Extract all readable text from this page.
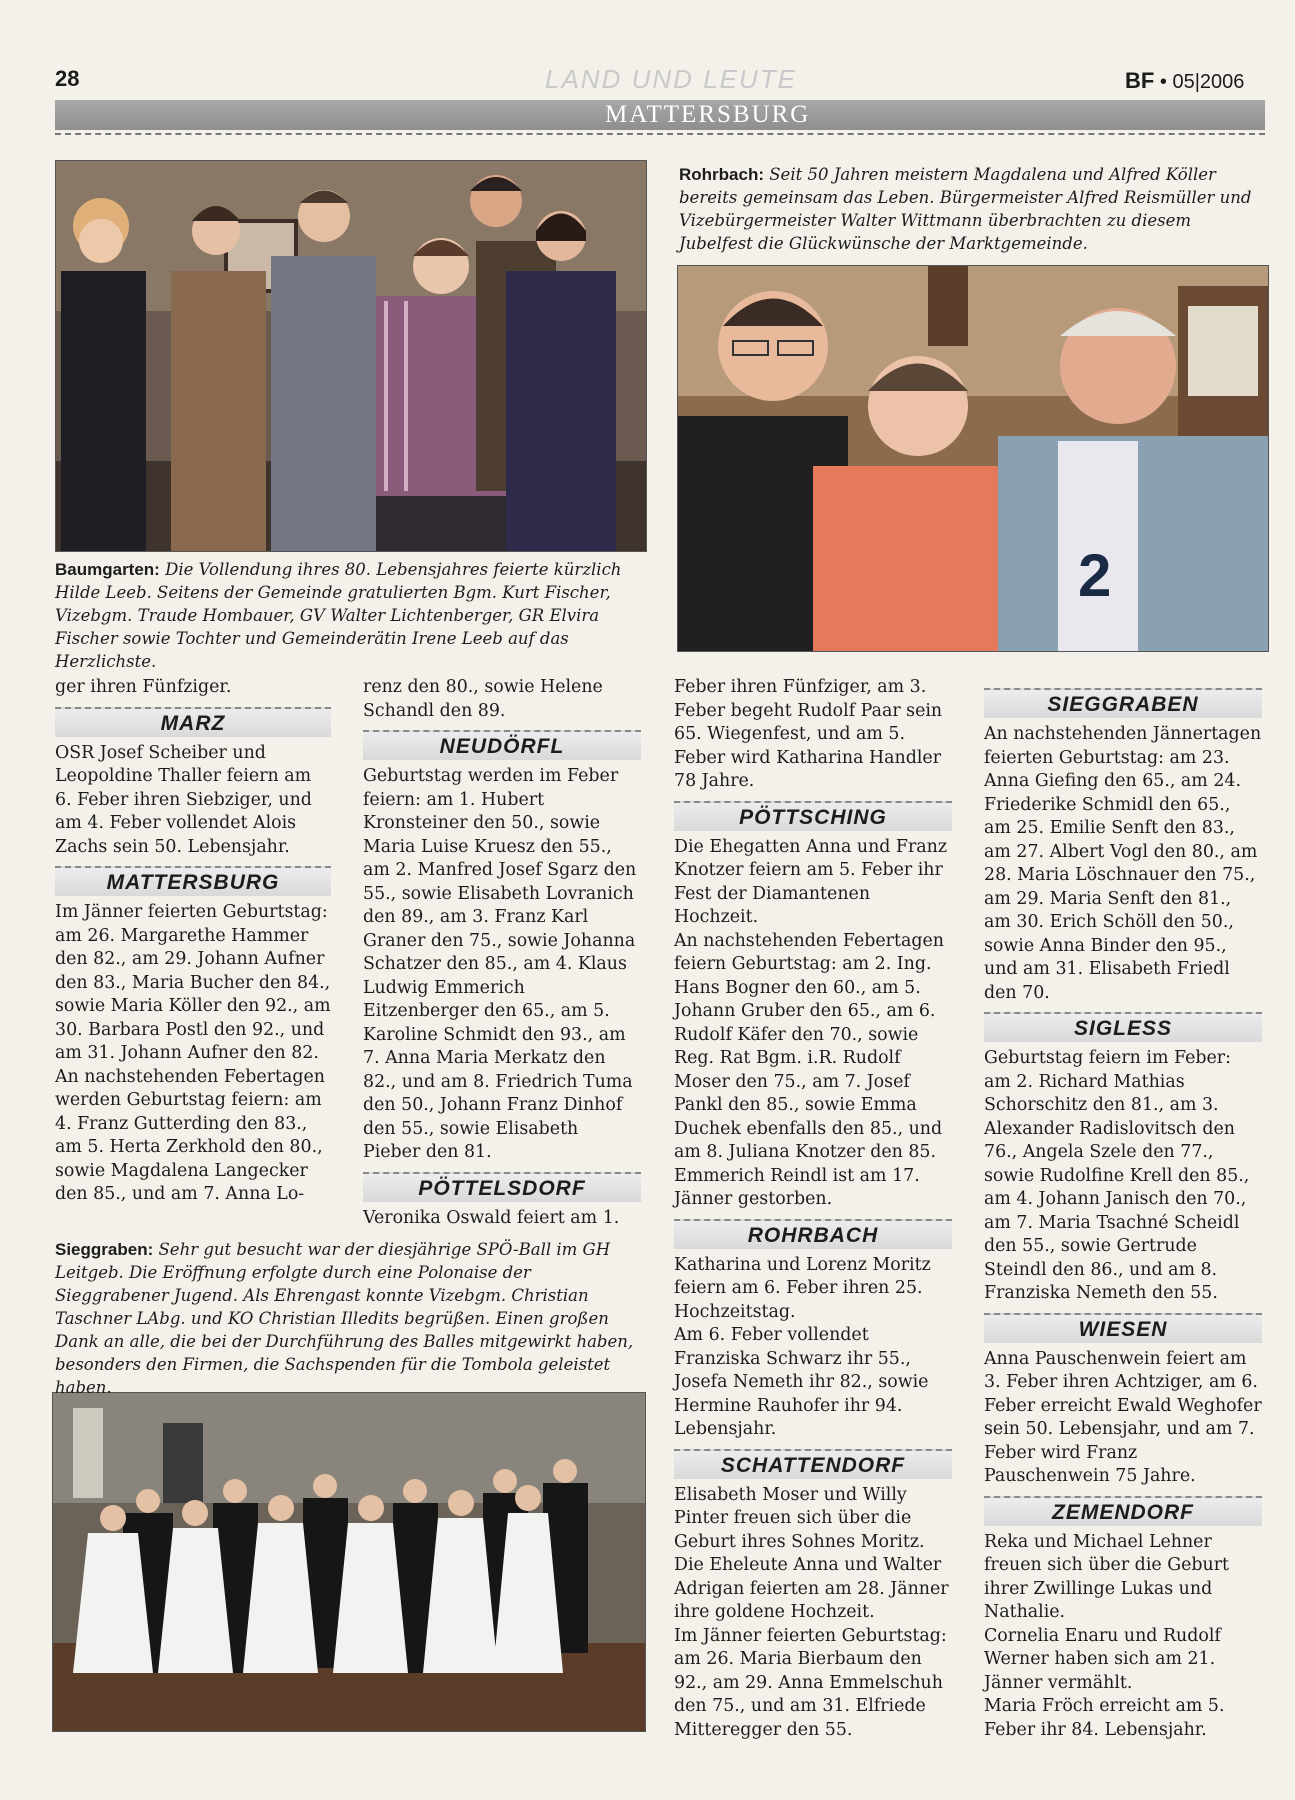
28	LAND UND LEUTE	BF • 05|2006
MATTERSBURG
2
Rohrbach: Seit 50 Jahren meistern Magdalena und Alfred Köller bereits gemeinsam das Leben. Bürgermeister Alfred Reismüller und Vizebürgermeister Walter Wittmann überbrachten zu diesem Jubelfest die Glückwünsche der Marktgemeinde.
Baumgarten: Die Vollendung ihres 80. Lebensjahres feierte kürzlich Hilde Leeb. Seitens der Gemeinde gratulierten Bgm. Kurt Fischer, Vizebgm. Traude Hombauer, GV Walter Lichtenberger, GR Elvira Fischer sowie Tochter und Gemeinderätin Irene Leeb auf das Herzlichste.
Sieggraben: Sehr gut besucht war der diesjährige SPÖ-Ball im GH Leitgeb. Die Eröffnung erfolgte durch eine Polonaise der Sieggrabener Jugend. Als Ehrengast konnte Vizebgm. Christian Taschner LAbg. und KO Christian Illedits begrüßen. Einen großen Dank an alle, die bei der Durchführung des Balles mitgewirkt haben, besonders den Firmen, die Sachspenden für die Tombola geleistet haben.

ger ihren Fünfziger.

MARZ

OSR Josef Scheiber und Leopoldine Thaller feiern am 6. Feber ihren Siebziger, und am 4. Feber vollendet Alois Zachs sein 50. Lebensjahr.

MATTERSBURG

Im Jänner feierten Geburtstag: am 26. Margarethe Hammer den 82., am 29. Johann Aufner den 83., Maria Bucher den 84., sowie Maria Köller den 92., am 30. Barbara Postl den 92., und am 31. Johann Aufner den 82. An nachstehenden Febertagen werden Geburtstag feiern: am 4. Franz Gutterding den 83., am 5. Herta Zerkhold den 80., sowie Magdalena Langecker den 85., und am 7. Anna Lo-

renz den 80., sowie Helene Schandl den 89.

NEUDÖRFL

Geburtstag werden im Feber feiern: am 1. Hubert Kronsteiner den 50., sowie Maria Luise Kruesz den 55., am 2. Manfred Josef Sgarz den 55., sowie Elisabeth Lovranich den 89., am 3. Franz Karl Graner den 75., sowie Johanna Schatzer den 85., am 4. Klaus Ludwig Emmerich Eitzenberger den 65., am 5. Karoline Schmidt den 93., am 7. Anna Maria Merkatz den 82., und am 8. Friedrich Tuma den 50., Johann Franz Dinhof den 55., sowie Elisabeth Pieber den 81.

PÖTTELSDORF

Veronika Oswald feiert am 1.

Feber ihren Fünfziger, am 3. Feber begeht Rudolf Paar sein 65. Wiegenfest, und am 5. Feber wird Katharina Handler 78 Jahre.

PÖTTSCHING

Die Ehegatten Anna und Franz Knotzer feiern am 5. Feber ihr Fest der Diamantenen Hochzeit.

An nachstehenden Febertagen feiern Geburtstag: am 2. Ing. Hans Bogner den 60., am 5. Johann Gruber den 65., am 6. Rudolf Käfer den 70., sowie Reg. Rat Bgm. i.R. Rudolf Moser den 75., am 7. Josef Pankl den 85., sowie Emma Duchek ebenfalls den 85., und am 8. Juliana Knotzer den 85.

Emmerich Reindl ist am 17. Jänner gestorben.

ROHRBACH

Katharina und Lorenz Moritz feiern am 6. Feber ihren 25. Hochzeitstag.

Am 6. Feber vollendet Franziska Schwarz ihr 55., Josefa Nemeth ihr 82., sowie Hermine Rauhofer ihr 94. Lebensjahr.

SCHATTENDORF

Elisabeth Moser und Willy Pinter freuen sich über die Geburt ihres Sohnes Moritz.

Die Eheleute Anna und Walter Adrigan feierten am 28. Jänner ihre goldene Hochzeit.

Im Jänner feierten Geburtstag: am 26. Maria Bierbaum den 92., am 29. Anna Emmelschuh den 75., und am 31. Elfriede Mitteregger den 55.

SIEGGRABEN

An nachstehenden Jännertagen feierten Geburtstag: am 23. Anna Giefing den 65., am 24. Friederike Schmidl den 65., am 25. Emilie Senft den 83., am 27. Albert Vogl den 80., am 28. Maria Löschnauer den 75., am 29. Maria Senft den 81., am 30. Erich Schöll den 50., sowie Anna Binder den 95., und am 31. Elisabeth Friedl den 70.

SIGLESS

Geburtstag feiern im Feber: am 2. Richard Mathias Schorschitz den 81., am 3. Alexander Radislovitsch den 76., Angela Szele den 77., sowie Rudolfine Krell den 85., am 4. Johann Janisch den 70., am 7. Maria Tsachné Scheidl den 55., sowie Gertrude Steindl den 86., und am 8. Franziska Nemeth den 55.

WIESEN

Anna Pauschenwein feiert am 3. Feber ihren Achtziger, am 6. Feber erreicht Ewald Weghofer sein 50. Lebensjahr, und am 7. Feber wird Franz Pauschenwein 75 Jahre.

ZEMENDORF

Reka und Michael Lehner freuen sich über die Geburt ihrer Zwillinge Lukas und Nathalie.

Cornelia Enaru und Rudolf Werner haben sich am 21. Jänner vermählt.

Maria Fröch erreicht am 5. Feber ihr 84. Lebensjahr.
